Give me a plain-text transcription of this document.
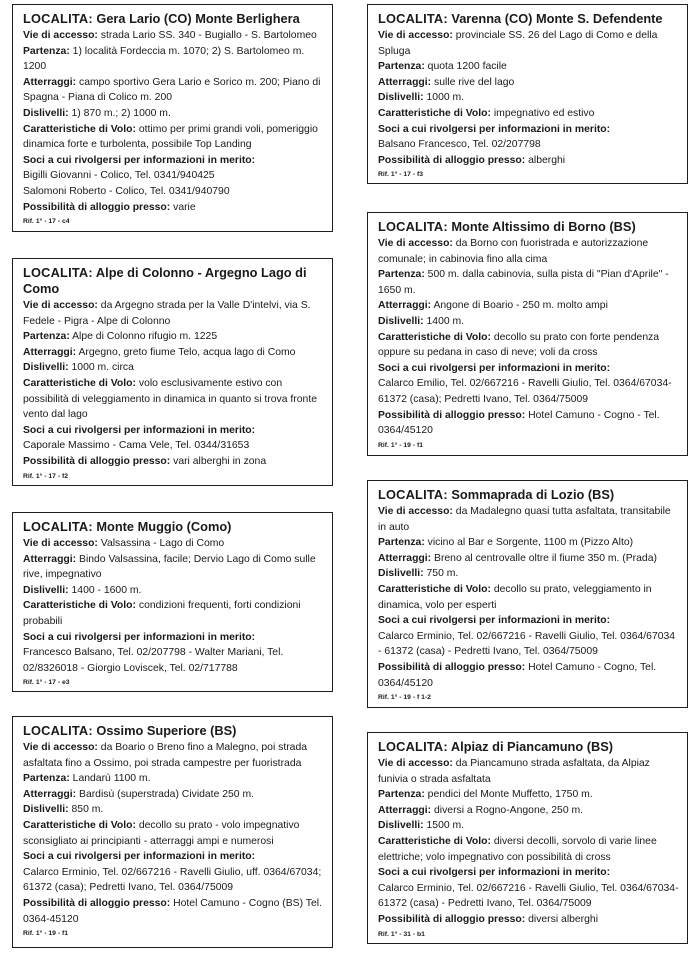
LOCALITA: Gera Lario (CO) Monte Berlighera
Vie di accesso: strada Lario SS. 340 - Bugiallo - S. Bartolomeo
Partenza: 1) località Fordeccia m. 1070; 2) S. Bartolomeo m. 1200
Atterraggi: campo sportivo Gera Lario e Sorico m. 200; Piano di Spagna - Piana di Colico m. 200
Dislivelli: 1) 870 m.; 2) 1000 m.
Caratteristiche di Volo: ottimo per primi grandi voli, pomeriggio dinamica forte e turbolenta, possibile Top Landing
Soci a cui rivolgersi per informazioni in merito:
Bigilli Giovanni - Colico, Tel. 0341/940425
Salomoni Roberto - Colico, Tel. 0341/940790
Possibilità di alloggio presso: varie
Rif. 1° - 17 - c4
LOCALITA: Alpe di Colonno - Argegno Lago di Como
Vie di accesso: da Argegno strada per la Valle D'intelvi, via S. Fedele - Pigra - Alpe di Colonno
Partenza: Alpe di Colonno rifugio m. 1225
Atterraggi: Argegno, greto fiume Telo, acqua lago di Como
Dislivelli: 1000 m. circa
Caratteristiche di Volo: volo esclusivamente estivo con possibilità di veleggiamento in dinamica in quanto si trova fronte vento dal lago
Soci a cui rivolgersi per informazioni in merito:
Caporale Massimo - Cama Vele, Tel. 0344/31653
Possibilità di alloggio presso: vari alberghi in zona
Rif. 1° - 17 - f2
LOCALITA: Monte Muggio (Como)
Vie di accesso: Valsassina - Lago di Como
Atterraggi: Bindo Valsassina, facile; Dervio Lago di Como sulle rive, impegnativo
Dislivelli: 1400 - 1600 m.
Caratteristiche di Volo: condizioni frequenti, forti condizioni probabili
Soci a cui rivolgersi per informazioni in merito:
Francesco Balsano, Tel. 02/207798 - Walter Mariani, Tel. 02/8326018 - Giorgio Loviscek, Tel. 02/717788
Rif. 1° - 17 - e3
LOCALITA: Ossimo Superiore (BS)
Vie di accesso: da Boario o Breno fino a Malegno, poi strada asfaltata fino a Ossimo, poi strada campestre per fuoristrada
Partenza: Landarù 1100 m.
Atterraggi: Bardisù (superstrada) Cividate 250 m.
Dislivelli: 850 m.
Caratteristiche di Volo: decollo su prato - volo impegnativo sconsigliato ai principianti - atterraggi ampi e numerosi
Soci a cui rivolgersi per informazioni in merito:
Calarco Erminio, Tel. 02/667216 - Ravelli Giulio, uff. 0364/67034; 61372 (casa); Pedretti Ivano, Tel. 0364/75009
Possibilità di alloggio presso: Hotel Camuno - Cogno (BS) Tel. 0364-45120
Rif. 1° - 19 - f1
LOCALITA: Varenna (CO) Monte S. Defendente
Vie di accesso: provinciale SS. 26 del Lago di Como e della Spluga
Partenza: quota 1200 facile
Atterraggi: sulle rive del lago
Dislivelli: 1000 m.
Caratteristiche di Volo: impegnativo ed estivo
Soci a cui rivolgersi per informazioni in merito:
Balsano Francesco, Tel. 02/207798
Possibilità di alloggio presso: alberghi
Rif. 1° - 17 - f3
LOCALITA: Monte Altissimo di Borno (BS)
Vie di accesso: da Borno con fuoristrada e autorizzazione comunale; in cabinovia fino alla cima
Partenza: 500 m. dalla cabinovia, sulla pista di "Pian d'Aprile" - 1650 m.
Atterraggi: Angone di Boario - 250 m. molto ampi
Dislivelli: 1400 m.
Caratteristiche di Volo: decollo su prato con forte pendenza oppure su pedana in caso di neve; voli da cross
Soci a cui rivolgersi per informazioni in merito:
Calarco Emilio, Tel. 02/667216 - Ravelli Giulio, Tel. 0364/67034-61372 (casa); Pedretti Ivano, Tel. 0364/75009
Possibilità di alloggio presso: Hotel Camuno - Cogno - Tel. 0364/45120
Rif. 1° - 19 - f1
LOCALITA: Sommaprada di Lozio (BS)
Vie di accesso: da Madalegno quasi tutta asfaltata, transitabile in auto
Partenza: vicino al Bar e Sorgente, 1100 m (Pizzo Alto)
Atterraggi: Breno al centrovalle oltre il fiume 350 m. (Prada)
Dislivelli: 750 m.
Caratteristiche di Volo: decollo su prato, veleggiamento in dinamica, volo per esperti
Soci a cui rivolgersi per informazioni in merito:
Calarco Erminio, Tel. 02/667216 - Ravelli Giulio, Tel. 0364/67034 - 61372 (casa) - Pedretti Ivano, Tel. 0364/75009
Possibilità di alloggio presso: Hotel Camuno - Cogno, Tel. 0364/45120
Rif. 1° - 19 - f 1-2
LOCALITA: Alpiaz di Piancamuno (BS)
Vie di accesso: da Piancamuno strada asfaltata, da Alpiaz funivia o strada asfaltata
Partenza: pendici del Monte Muffetto, 1750 m.
Atterraggi: diversi a Rogno-Angone, 250 m.
Dislivelli: 1500 m.
Caratteristiche di Volo: diversi decolli, sorvolo di varie linee elettriche; volo impegnativo con possibilità di cross
Soci a cui rivolgersi per informazioni in merito:
Calarco Erminio, Tel. 02/667216 - Ravelli Giulio, Tel. 0364/67034-61372 (casa) - Pedretti Ivano, Tel. 0364/75009
Possibilità di alloggio presso: diversi alberghi
Rif. 1° - 31 - b1
